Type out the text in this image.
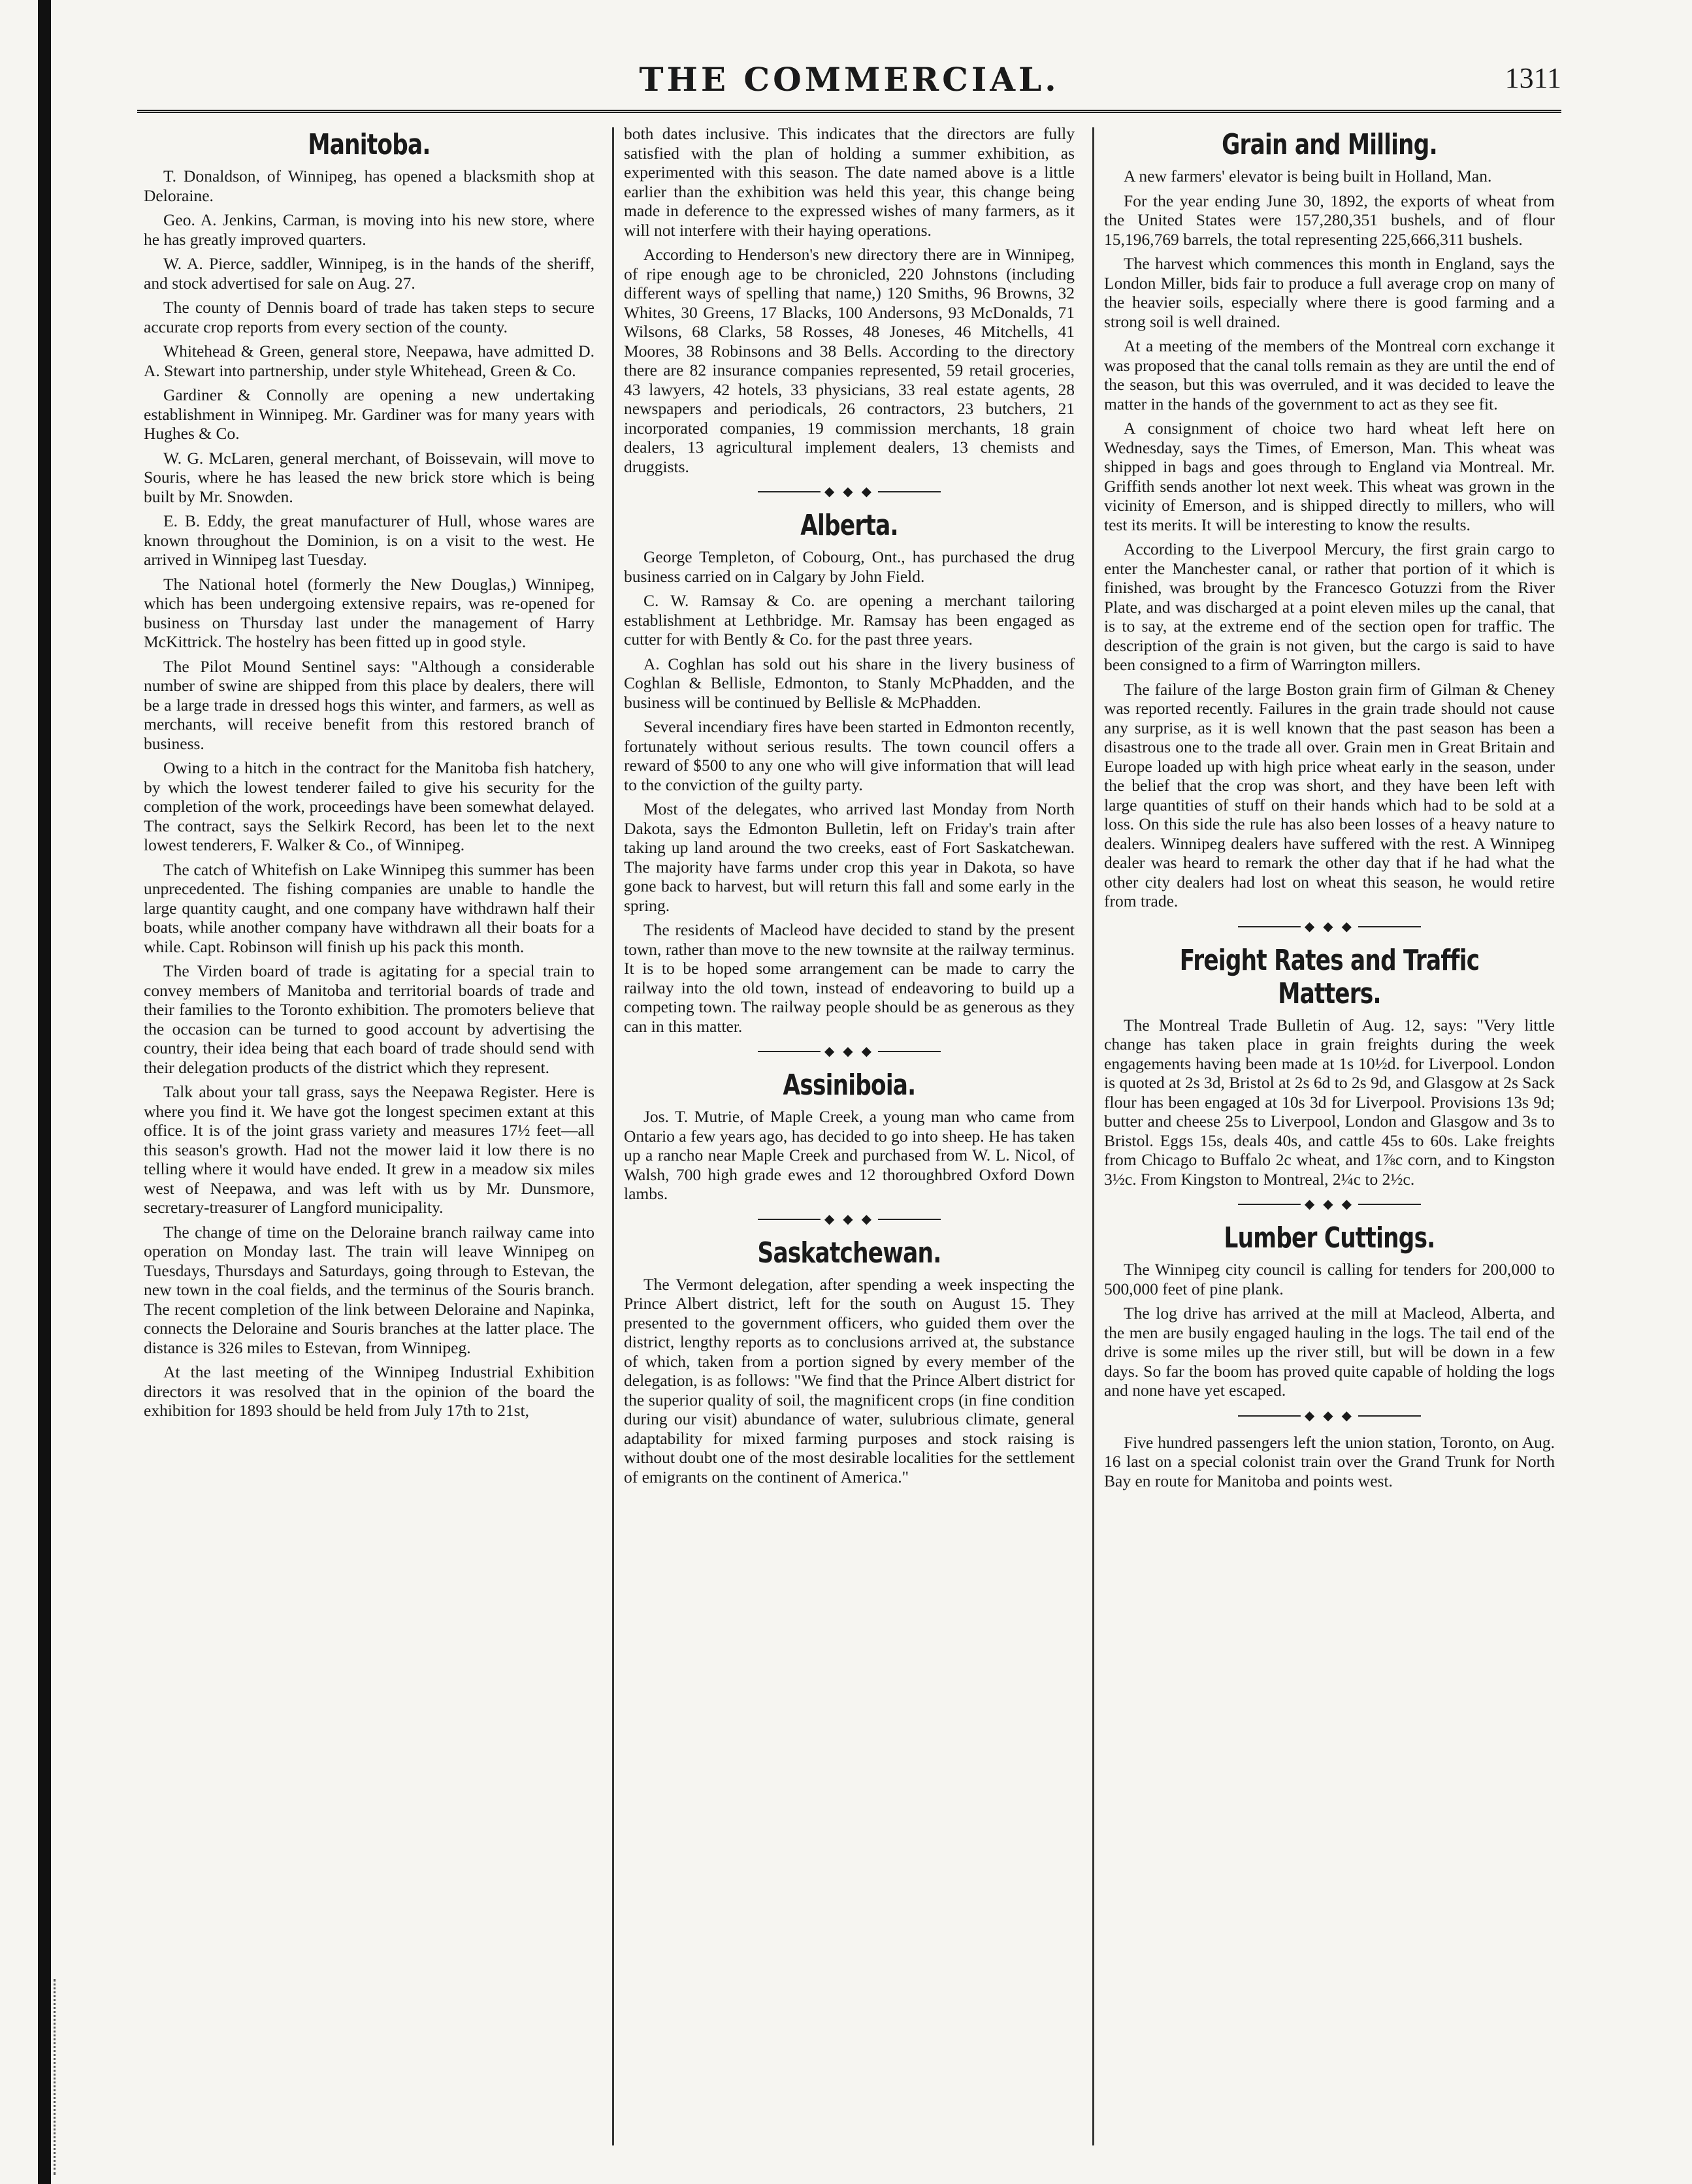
THE COMMERCIAL.	1311
Manitoba.

T. Donaldson, of Winnipeg, has opened a blacksmith shop at Deloraine.

Geo. A. Jenkins, Carman, is moving into his new store, where he has greatly improved quarters.

W. A. Pierce, saddler, Winnipeg, is in the hands of the sheriff, and stock advertised for sale on Aug. 27.

The county of Dennis board of trade has taken steps to secure accurate crop reports from every section of the county.

Whitehead & Green, general store, Neepawa, have admitted D. A. Stewart into partnership, under style Whitehead, Green & Co.

Gardiner & Connolly are opening a new undertaking establishment in Winnipeg. Mr. Gardiner was for many years with Hughes & Co.

W. G. McLaren, general merchant, of Boissevain, will move to Souris, where he has leased the new brick store which is being built by Mr. Snowden.

E. B. Eddy, the great manufacturer of Hull, whose wares are known throughout the Dominion, is on a visit to the west. He arrived in Winnipeg last Tuesday.

The National hotel (formerly the New Douglas,) Winnipeg, which has been undergoing extensive repairs, was re-opened for business on Thursday last under the management of Harry McKittrick. The hostelry has been fitted up in good style.

The Pilot Mound Sentinel says: "Although a considerable number of swine are shipped from this place by dealers, there will be a large trade in dressed hogs this winter, and farmers, as well as merchants, will receive benefit from this restored branch of business.

Owing to a hitch in the contract for the Manitoba fish hatchery, by which the lowest tenderer failed to give his security for the completion of the work, proceedings have been somewhat delayed. The contract, says the Selkirk Record, has been let to the next lowest tenderers, F. Walker & Co., of Winnipeg.

The catch of Whitefish on Lake Winnipeg this summer has been unprecedented. The fishing companies are unable to handle the large quantity caught, and one company have withdrawn half their boats, while another company have withdrawn all their boats for a while. Capt. Robinson will finish up his pack this month.

The Virden board of trade is agitating for a special train to convey members of Manitoba and territorial boards of trade and their families to the Toronto exhibition. The promoters believe that the occasion can be turned to good account by advertising the country, their idea being that each board of trade should send with their delegation products of the district which they represent.

Talk about your tall grass, says the Neepawa Register. Here is where you find it. We have got the longest specimen extant at this office. It is of the joint grass variety and measures 17½ feet—all this season's growth. Had not the mower laid it low there is no telling where it would have ended. It grew in a meadow six miles west of Neepawa, and was left with us by Mr. Dunsmore, secretary-treasurer of Langford municipality.

The change of time on the Deloraine branch railway came into operation on Monday last. The train will leave Winnipeg on Tuesdays, Thursdays and Saturdays, going through to Estevan, the new town in the coal fields, and the terminus of the Souris branch. The recent completion of the link between Deloraine and Napinka, connects the Deloraine and Souris branches at the latter place. The distance is 326 miles to Estevan, from Winnipeg.

At the last meeting of the Winnipeg Industrial Exhibition directors it was resolved that in the opinion of the board the exhibition for 1893 should be held from July 17th to 21st,

both dates inclusive. This indicates that the directors are fully satisfied with the plan of holding a summer exhibition, as experimented with this season. The date named above is a little earlier than the exhibition was held this year, this change being made in deference to the expressed wishes of many farmers, as it will not interfere with their haying operations.

According to Henderson's new directory there are in Winnipeg, of ripe enough age to be chronicled, 220 Johnstons (including different ways of spelling that name,) 120 Smiths, 96 Browns, 32 Whites, 30 Greens, 17 Blacks, 100 Andersons, 93 McDonalds, 71 Wilsons, 68 Clarks, 58 Rosses, 48 Joneses, 46 Mitchells, 41 Moores, 38 Robinsons and 38 Bells. According to the directory there are 82 insurance companies represented, 59 retail groceries, 43 lawyers, 42 hotels, 33 physicians, 33 real estate agents, 28 newspapers and periodicals, 26 contractors, 23 butchers, 21 incorporated companies, 19 commission merchants, 18 grain dealers, 13 agricultural implement dealers, 13 chemists and druggists.

◆ ◆ ◆
Alberta.

George Templeton, of Cobourg, Ont., has purchased the drug business carried on in Calgary by John Field.

C. W. Ramsay & Co. are opening a merchant tailoring establishment at Lethbridge. Mr. Ramsay has been engaged as cutter for with Bently & Co. for the past three years.

A. Coghlan has sold out his share in the livery business of Coghlan & Bellisle, Edmonton, to Stanly McPhadden, and the business will be continued by Bellisle & McPhadden.

Several incendiary fires have been started in Edmonton recently, fortunately without serious results. The town council offers a reward of $500 to any one who will give information that will lead to the conviction of the guilty party.

Most of the delegates, who arrived last Monday from North Dakota, says the Edmonton Bulletin, left on Friday's train after taking up land around the two creeks, east of Fort Saskatchewan. The majority have farms under crop this year in Dakota, so have gone back to harvest, but will return this fall and some early in the spring.

The residents of Macleod have decided to stand by the present town, rather than move to the new townsite at the railway terminus. It is to be hoped some arrangement can be made to carry the railway into the old town, instead of endeavoring to build up a competing town. The railway people should be as generous as they can in this matter.

◆ ◆ ◆
Assiniboia.

Jos. T. Mutrie, of Maple Creek, a young man who came from Ontario a few years ago, has decided to go into sheep. He has taken up a rancho near Maple Creek and purchased from W. L. Nicol, of Walsh, 700 high grade ewes and 12 thoroughbred Oxford Down lambs.

◆ ◆ ◆
Saskatchewan.

The Vermont delegation, after spending a week inspecting the Prince Albert district, left for the south on August 15. They presented to the government officers, who guided them over the district, lengthy reports as to conclusions arrived at, the substance of which, taken from a portion signed by every member of the delegation, is as follows: "We find that the Prince Albert district for the superior quality of soil, the magnificent crops (in fine condition during our visit) abundance of water, sulubrious climate, general adaptability for mixed farming purposes and stock raising is without doubt one of the most desirable localities for the settlement of emigrants on the continent of America."

Grain and Milling.

A new farmers' elevator is being built in Holland, Man.

For the year ending June 30, 1892, the exports of wheat from the United States were 157,280,351 bushels, and of flour 15,196,769 barrels, the total representing 225,666,311 bushels.

The harvest which commences this month in England, says the London Miller, bids fair to produce a full average crop on many of the heavier soils, especially where there is good farming and a strong soil is well drained.

At a meeting of the members of the Montreal corn exchange it was proposed that the canal tolls remain as they are until the end of the season, but this was overruled, and it was decided to leave the matter in the hands of the government to act as they see fit.

A consignment of choice two hard wheat left here on Wednesday, says the Times, of Emerson, Man. This wheat was shipped in bags and goes through to England via Montreal. Mr. Griffith sends another lot next week. This wheat was grown in the vicinity of Emerson, and is shipped directly to millers, who will test its merits. It will be interesting to know the results.

According to the Liverpool Mercury, the first grain cargo to enter the Manchester canal, or rather that portion of it which is finished, was brought by the Francesco Gotuzzi from the River Plate, and was discharged at a point eleven miles up the canal, that is to say, at the extreme end of the section open for traffic. The description of the grain is not given, but the cargo is said to have been consigned to a firm of Warrington millers.

The failure of the large Boston grain firm of Gilman & Cheney was reported recently. Failures in the grain trade should not cause any surprise, as it is well known that the past season has been a disastrous one to the trade all over. Grain men in Great Britain and Europe loaded up with high price wheat early in the season, under the belief that the crop was short, and they have been left with large quantities of stuff on their hands which had to be sold at a loss. On this side the rule has also been losses of a heavy nature to dealers. Winnipeg dealers have suffered with the rest. A Winnipeg dealer was heard to remark the other day that if he had what the other city dealers had lost on wheat this season, he would retire from trade.

◆ ◆ ◆
Freight Rates and Traffic Matters.

The Montreal Trade Bulletin of Aug. 12, says: "Very little change has taken place in grain freights during the week engagements having been made at 1s 10½d. for Liverpool. London is quoted at 2s 3d, Bristol at 2s 6d to 2s 9d, and Glasgow at 2s Sack flour has been engaged at 10s 3d for Liverpool. Provisions 13s 9d; butter and cheese 25s to Liverpool, London and Glasgow and 3s to Bristol. Eggs 15s, deals 40s, and cattle 45s to 60s. Lake freights from Chicago to Buffalo 2c wheat, and 1⅞c corn, and to Kingston 3½c. From Kingston to Montreal, 2¼c to 2½c.

◆ ◆ ◆
Lumber Cuttings.

The Winnipeg city council is calling for tenders for 200,000 to 500,000 feet of pine plank.

The log drive has arrived at the mill at Macleod, Alberta, and the men are busily engaged hauling in the logs. The tail end of the drive is some miles up the river still, but will be down in a few days. So far the boom has proved quite capable of holding the logs and none have yet escaped.

◆ ◆ ◆

Five hundred passengers left the union station, Toronto, on Aug. 16 last on a special colonist train over the Grand Trunk for North Bay en route for Manitoba and points west.
